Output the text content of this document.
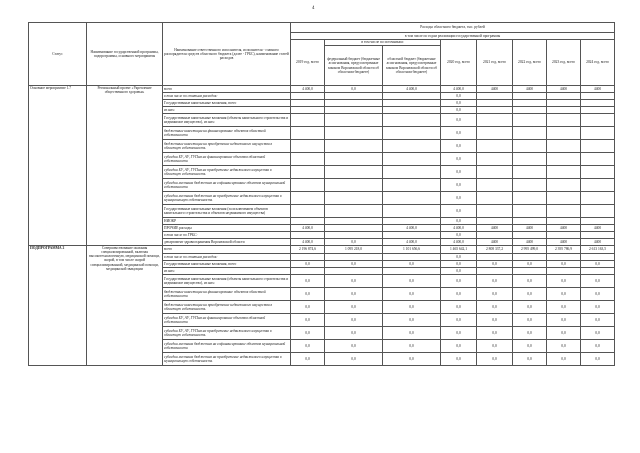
4
Статус	Наименование государственной программы, подпрограммы, основного мероприятия	Наименование ответственного исполнителя, исполнителя - главного распорядителя средств областного бюджета (далее - ГРБС), наименование статей расходов	Расходы областного бюджета, тыс. рублей							
			в том числе по годам реализации государственной программы							
			2019 год, всего	в том числе по источникам:		2020 год, всего	2021 год, всего	2022 год, всего	2023 год, всего	2024 год, всего
				федеральный бюджет (бюджетные ассигнования, предусмотренные законом Воронежской области об областном бюджете)	областной бюджет (бюджетные ассигнования, предусмотренные законом Воронежской области об областном бюджете)					
Основное мероприятие 1.7	Региональный проект «Укрепление общественного здоровья»	всего	4 400,0	0,0	4 400,0	4 400,0	4400	4400	4400	4400
		в том числе по статьям расходов:				0,0				
		Государственные капитальные вложения, всего				0,0				
		из них:				0,0				
		Государственные капитальные вложения (объекты капитального строительства и недвижимое имущество), из них:				0,0				
		бюджетные инвестиции на финансирование объектов областной собственности				0,0				
		бюджетные инвестиции на приобретение недвижимого имущества в областную собственность				0,0				
		субсидии БУ, АУ, ГУПам на финансирование объектов областной собственности				0,0				
		субсидии БУ, АУ, ГУПам на приобретение недвижимого имущества в областную собственность				0,0				
		субсидии местным бюджетам на софинансирование объектов муниципальной собственности				0,0				
		субсидии местным бюджетам на приобретение недвижимого имущества в муниципальную собственность				0,0				
		Государственные капитальные вложения (за исключением объектов капитального строительства и объектов недвижимого имущества)				0,0				
		НИОКР				0,0				
		ПРОЧИЕ расходы	4 400,0		4 400,0	4 400,0	4400	4400	4400	4400
		в том числе по ГРБС:				0,0				
		департамент здравоохранения Воронежской области	4 400,0	0,0	4 400,0	4 400,0	4400	4400	4400	4400
ПОДПРОГРАММА 2	Совершенствование оказания специализированной, включая высокотехнологичную, медицинской помощи, скорой, в том числе скорой специализированной, медицинской помощи, медицинской эвакуации	всего	2 196 874,6	1 095 218,0	1 101 656,6	1 465 642,1	2 808 337,2	2 995 499,0	2 395 786,9	2 613 163,5
		в том числе по статьям расходов:				0,0				
		Государственные капитальные вложения, всего	0,0	0,0	0,0	0,0	0,0	0,0	0,0	0,0
		из них:				0,0				
		Государственные капитальные вложения (объекты капитального строительства и недвижимое имущество), из них:	0,0	0,0	0,0	0,0	0,0	0,0	0,0	0,0
		бюджетные инвестиции на финансирование объектов областной собственности	0,0	0,0	0,0	0,0	0,0	0,0	0,0	0,0
		бюджетные инвестиции на приобретение недвижимого имущества в областную собственность	0,0	0,0	0,0	0,0	0,0	0,0	0,0	0,0
		субсидии БУ, АУ, ГУПам на финансирование объектов областной собственности	0,0	0,0	0,0	0,0	0,0	0,0	0,0	0,0
		субсидии БУ, АУ, ГУПам на приобретение недвижимого имущества в областную собственность	0,0	0,0	0,0	0,0	0,0	0,0	0,0	0,0
		субсидии местным бюджетам на софинансирование объектов муниципальной собственности	0,0	0,0	0,0	0,0	0,0	0,0	0,0	0,0
		субсидии местным бюджетам на приобретение недвижимого имущества в муниципальную собственность	0,0	0,0	0,0	0,0	0,0	0,0	0,0	0,0
